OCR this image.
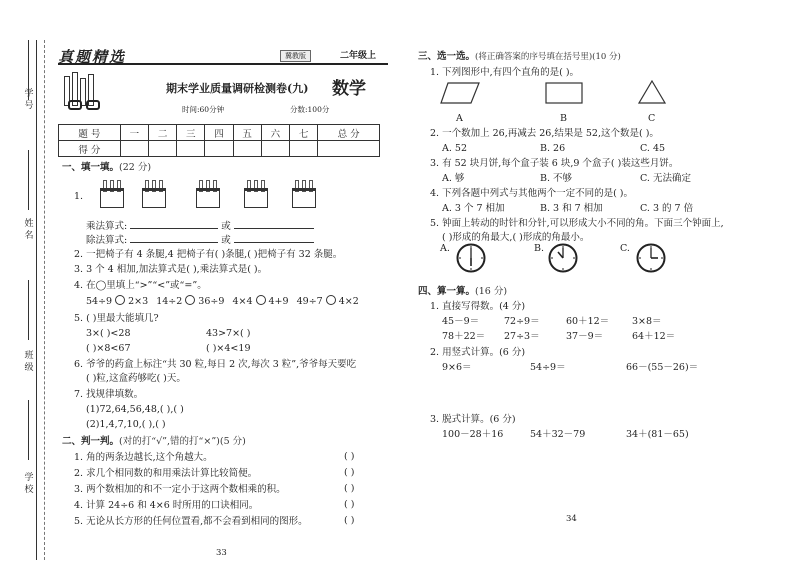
学号
姓名
班级
学校
真题精选	冀教版	二年级上
期末学业质量调研检测卷(九) 数学
时间:60分钟	分数:100分
题 号	一	二	三	四	五	六	七	总 分
得 分								
一、填一填。(22 分)
1.
乘法算式:	或
除法算式:	或
2. 一把椅子有 4 条腿,4 把椅子有( )条腿,( )把椅子有 32 条腿。
3. 3 个 4 相加,加法算式是( ),乘法算式是( )。
4. 在◯里填上“>”“<”或“=”。
54÷9 2×3 14÷2 36÷9 4×4 4+9 49÷7 4×2
5. ( )里最大能填几?
3×( )<28	43>7×( )
( )×8<67	( )×4<19
6. 爷爷的药盒上标注“共 30 粒,每日 2 次,每次 3 粒”,爷爷每天要吃
( )粒,这盒药够吃( )天。
7. 找规律填数。
(1)72,64,56,48,( ),( )
(2)1,4,7,10,( ),( )
二、判一判。(对的打“√”,错的打“×”)(5 分)
1. 角的两条边越长,这个角越大。	( )
2. 求几个相同数的和用乘法计算比较简便。	( )
3. 两个数相加的和不一定小于这两个数相乘的积。	( )
4. 计算 24÷6 和 4×6 时所用的口诀相同。	( )
5. 无论从长方形的任何位置看,都不会看到相同的图形。	( )
33
三、选一选。(将正确答案的序号填在括号里)(10 分)
1. 下列图形中,有四个直角的是( )。
A	B	C
2. 一个数加上 26,再减去 26,结果是 52,这个数是( )。
A. 52	B. 26	C. 45
3. 有 52 块月饼,每个盒子装 6 块,9 个盒子( )装这些月饼。
A. 够	B. 不够	C. 无法确定
4. 下列各题中列式与其他两个一定不同的是( )。
A. 3 个 7 相加	B. 3 和 7 相加	C. 3 的 7 倍
5. 钟面上转动的时针和分针,可以形成大小不同的角。下面三个钟面上,
( )形成的角最大,( )形成的角最小。
A.	B.	C.
四、算一算。(16 分)
1. 直接写得数。(4 分)
45－9＝	72÷9＝	60＋12＝ 3×8＝
78＋22＝ 27÷3＝	37－9＝	64＋12＝
2. 用竖式计算。(6 分)
9×6＝	54÷9＝	66－(55－26)＝
3. 脱式计算。(6 分)
100－28＋16	54＋32－79	34＋(81－65)
34
